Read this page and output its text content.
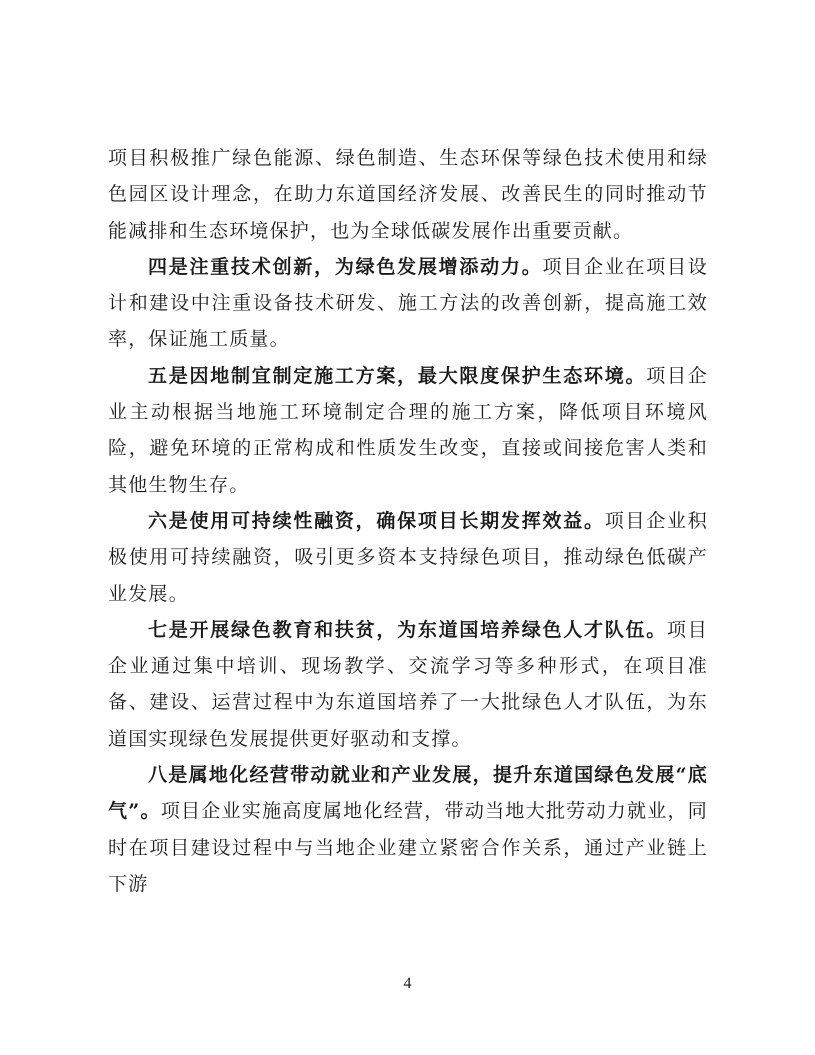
项目积极推广绿色能源、绿色制造、生态环保等绿色技术使用和绿色园区设计理念，在助力东道国经济发展、改善民生的同时推动节能减排和生态环境保护，也为全球低碳发展作出重要贡献。

四是注重技术创新，为绿色发展增添动力。项目企业在项目设计和建设中注重设备技术研发、施工方法的改善创新，提高施工效率，保证施工质量。

五是因地制宜制定施工方案，最大限度保护生态环境。项目企业主动根据当地施工环境制定合理的施工方案，降低项目环境风险，避免环境的正常构成和性质发生改变，直接或间接危害人类和其他生物生存。

六是使用可持续性融资，确保项目长期发挥效益。项目企业积极使用可持续融资，吸引更多资本支持绿色项目，推动绿色低碳产业发展。

七是开展绿色教育和扶贫，为东道国培养绿色人才队伍。项目企业通过集中培训、现场教学、交流学习等多种形式，在项目准备、建设、运营过程中为东道国培养了一大批绿色人才队伍，为东道国实现绿色发展提供更好驱动和支撑。

八是属地化经营带动就业和产业发展，提升东道国绿色发展“底气”。项目企业实施高度属地化经营，带动当地大批劳动力就业，同时在项目建设过程中与当地企业建立紧密合作关系，通过产业链上下游

4
